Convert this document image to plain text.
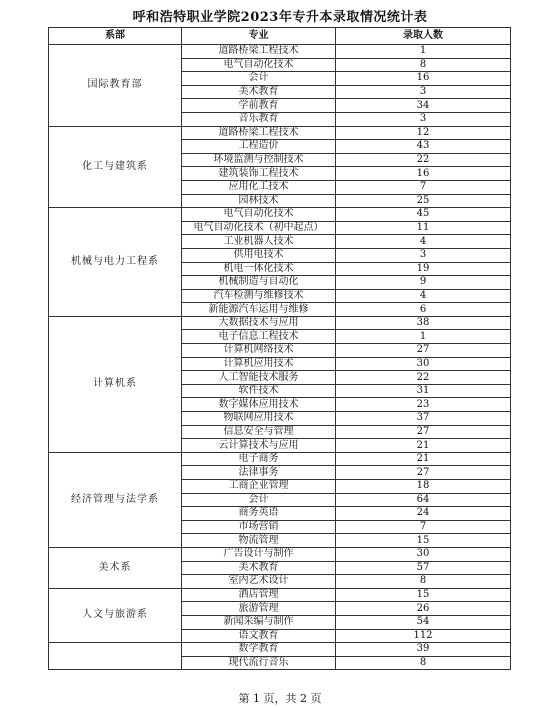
呼和浩特职业学院2023年专升本录取情况统计表
系部	专业	录取人数
国际教育部	道路桥梁工程技术	1
	电气自动化技术	8
	会计	16
	美术教育	3
	学前教育	34
	音乐教育	3
化工与建筑系	道路桥梁工程技术	12
	工程造价	43
	环境监测与控制技术	22
	建筑装饰工程技术	16
	应用化工技术	7
	园林技术	25
机械与电力工程系	电气自动化技术	45
	电气自动化技术（初中起点）	11
	工业机器人技术	4
	供用电技术	3
	机电一体化技术	19
	机械制造与自动化	9
	汽车检测与维修技术	4
	新能源汽车运用与维修	6
计算机系	大数据技术与应用	38
	电子信息工程技术	1
	计算机网络技术	27
	计算机应用技术	30
	人工智能技术服务	22
	软件技术	31
	数字媒体应用技术	23
	物联网应用技术	37
	信息安全与管理	27
	云计算技术与应用	21
经济管理与法学系	电子商务	21
	法律事务	27
	工商企业管理	18
	会计	64
	商务英语	24
	市场营销	7
	物流管理	15
美术系	广告设计与制作	30
	美术教育	57
	室内艺术设计	8
人文与旅游系	酒店管理	15
	旅游管理	26
	新闻采编与制作	54
	语文教育	112
	数学教育	39
	现代流行音乐	8
第 1 页，共 2 页
